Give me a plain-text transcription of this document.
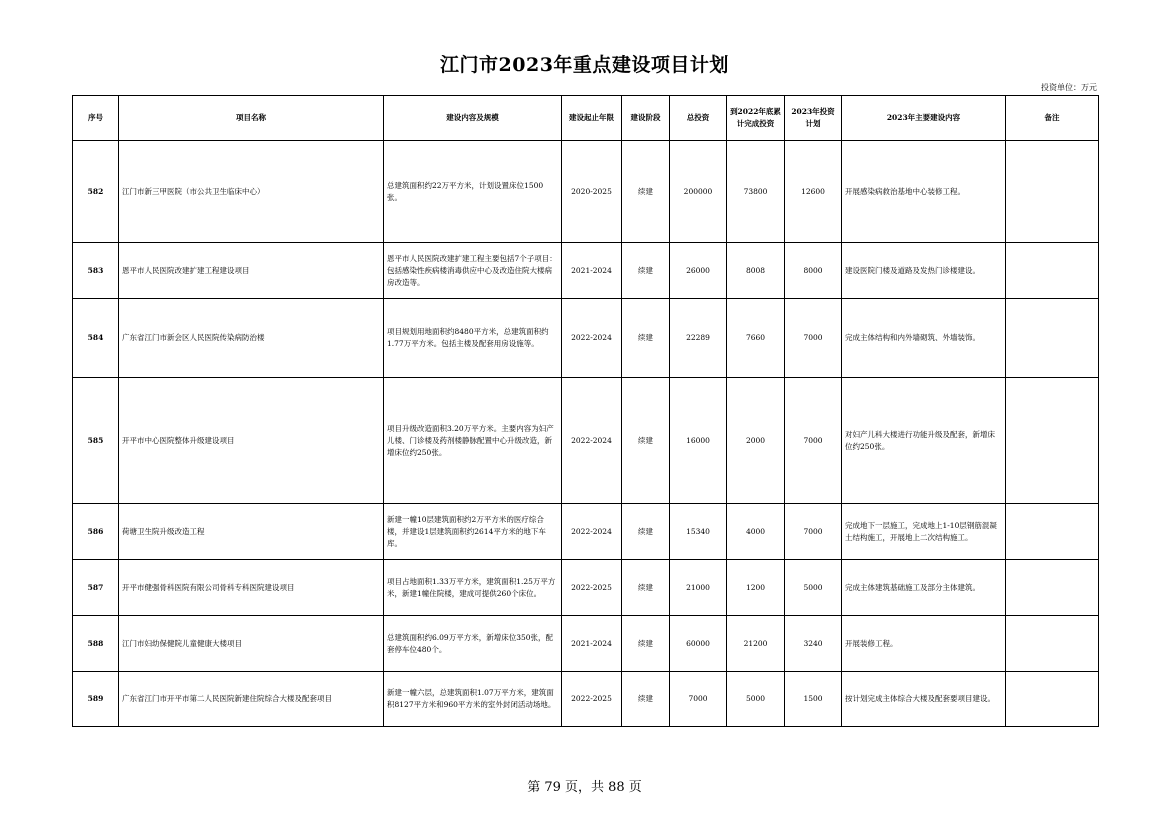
江门市2023年重点建设项目计划
投资单位：万元
序号	项目名称	建设内容及规模	建设起止年限	建设阶段	总投资	到2022年底累计完成投资	2023年投资计划	2023年主要建设内容	备注
582	江门市新三甲医院（市公共卫生临床中心）	总建筑面积约22万平方米，计划设置床位1500张。	2020-2025	续建	200000	73800	12600	开展感染病救治基地中心装修工程。	
583	恩平市人民医院改建扩建工程建设项目	恩平市人民医院改建扩建工程主要包括7个子项目：包括感染性疾病楼消毒供应中心及改造住院大楼病房改造等。	2021-2024	续建	26000	8008	8000	建设医院门楼及道路及发热门诊楼建设。	
584	广东省江门市新会区人民医院传染病防治楼	项目规划用地面积约8480平方米，总建筑面积约1.77万平方米。包括主楼及配套用房设施等。	2022-2024	续建	22289	7660	7000	完成主体结构和内外墙砌筑、外墙装饰。	
585	开平市中心医院整体升级建设项目	项目升级改造面积3.20万平方米。主要内容为妇产儿楼、门诊楼及药剂楼静脉配置中心升级改造，新增床位约250张。	2022-2024	续建	16000	2000	7000	对妇产儿科大楼进行功能升级及配套，新增床位约250张。	
586	荷塘卫生院升级改造工程	新建一幢10层建筑面积约2万平方米的医疗综合楼，并建设1层建筑面积约2614平方米的地下车库。	2022-2024	续建	15340	4000	7000	完成地下一层施工，完成地上1-10层钢筋混凝土结构施工，开展地上二次结构施工。	
587	开平市健强骨科医院有限公司骨科专科医院建设项目	项目占地面积1.33万平方米，建筑面积1.25万平方米，新建1幢住院楼，建成可提供260个床位。	2022-2025	续建	21000	1200	5000	完成主体建筑基础施工及部分主体建筑。	
588	江门市妇幼保健院儿童健康大楼项目	总建筑面积约6.09万平方米，新增床位350张，配套停车位480个。	2021-2024	续建	60000	21200	3240	开展装修工程。	
589	广东省江门市开平市第二人民医院新建住院综合大楼及配套项目	新建一幢六层，总建筑面积1.07万平方米，建筑面积8127平方米和960平方米的室外封闭活动场地。	2022-2025	续建	7000	5000	1500	按计划完成主体综合大楼及配套要项目建设。	
第 79 页，共 88 页
